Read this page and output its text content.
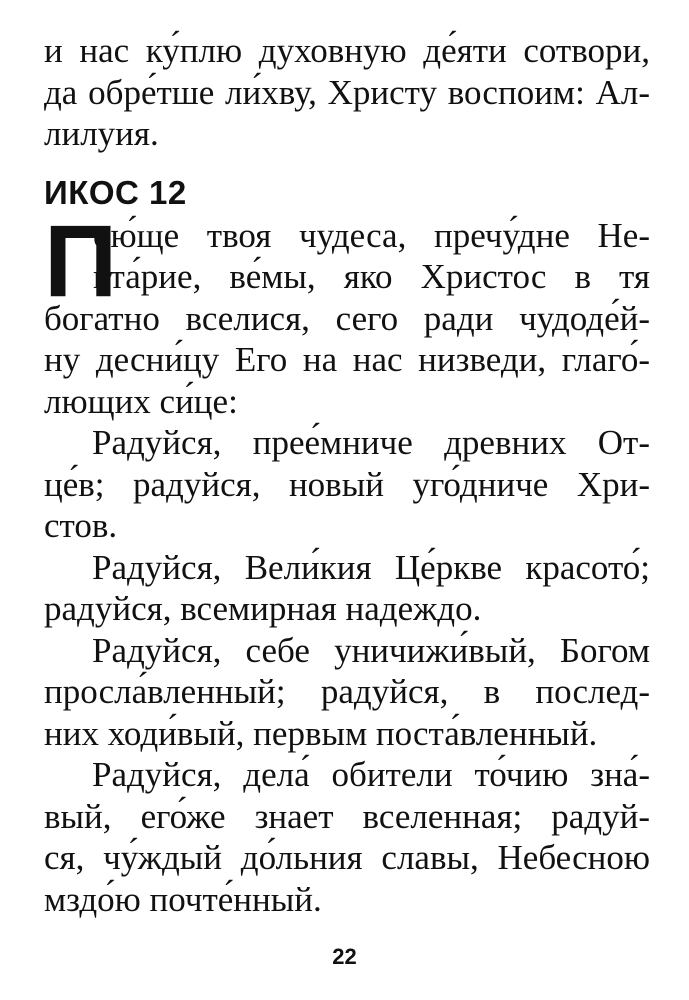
и нас ку́плю духовную де́яти сотвори,
да обре́тше ли́хву, Христу воспоим: Ал-
лилуия.
ИКОС 12
П
ою́ще твоя чудеса, пречу́дне Не-
кта́рие, ве́мы, яко Христос в тя
богатно вселися, сего ради чудоде́й-
ну десни́цу Его на нас низведи, глаго́-
лющих си́це:
Радуйся, прее́мниче древних От-
це́в; радуйся, новый уго́дниче Хри-
стов.
Радуйся, Вели́кия Це́ркве красото́;
радуйся, всемирная надеждо.
Радуйся, себе уничижи́вый, Богом
просла́вленный; радуйся, в послед-
них ходи́вый, первым поста́вленный.
Радуйся, дела́ обители то́чию зна́-
вый, его́же знает вселенная; радуй-
ся, чу́ждый до́льния славы, Небесною
мздо́ю почте́нный.
22
